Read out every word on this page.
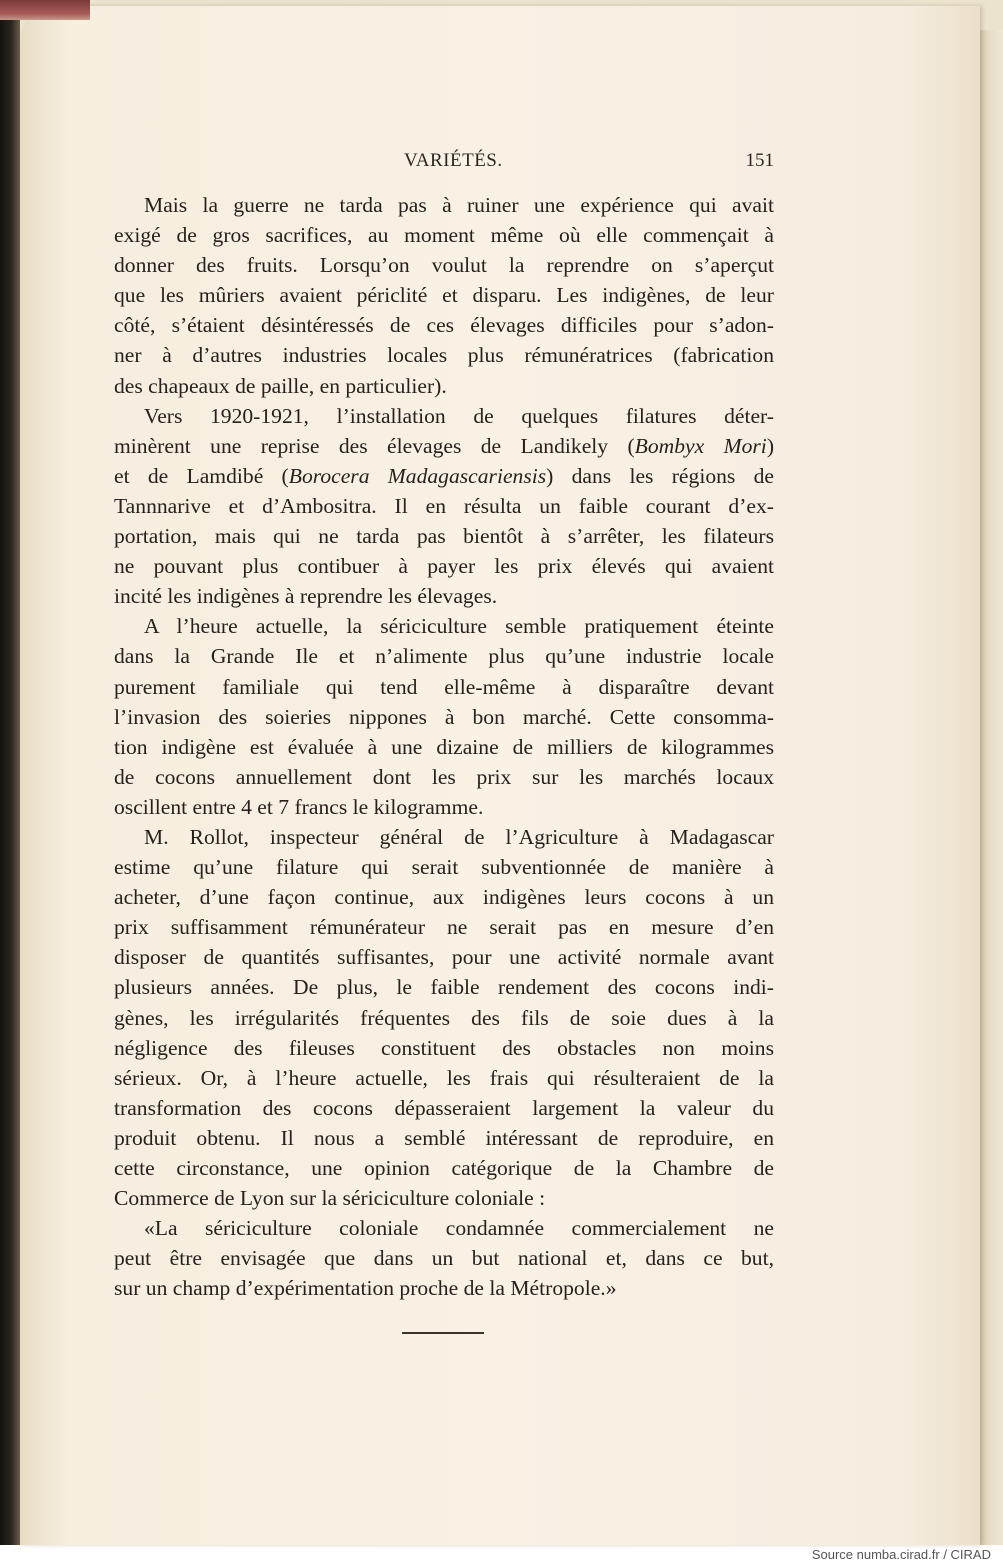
VARIÉTÉS.	151
Mais la guerre ne tarda pas à ruiner une expérience qui avait
exigé de gros sacrifices, au moment même où elle commençait à
donner des fruits. Lorsqu’on voulut la reprendre on s’aperçut
que les mûriers avaient périclité et disparu. Les indigènes, de leur
côté, s’étaient désintéressés de ces élevages difficiles pour s’adon-
ner à d’autres industries locales plus rémunératrices (fabrication
des chapeaux de paille, en particulier).
Vers 1920-1921, l’installation de quelques filatures déter-
minèrent une reprise des élevages de Landikely (Bombyx Mori)
et de Lamdibé (Borocera Madagascariensis) dans les régions de
Tannnarive et d’Ambositra. Il en résulta un faible courant d’ex-
portation, mais qui ne tarda pas bientôt à s’arrêter, les filateurs
ne pouvant plus contibuer à payer les prix élevés qui avaient
incité les indigènes à reprendre les élevages.
A l’heure actuelle, la sériciculture semble pratiquement éteinte
dans la Grande Ile et n’alimente plus qu’une industrie locale
purement familiale qui tend elle-même à disparaître devant
l’invasion des soieries nippones à bon marché. Cette consomma-
tion indigène est évaluée à une dizaine de milliers de kilogrammes
de cocons annuellement dont les prix sur les marchés locaux
oscillent entre 4 et 7 francs le kilogramme.
M. Rollot, inspecteur général de l’Agriculture à Madagascar
estime qu’une filature qui serait subventionnée de manière à
acheter, d’une façon continue, aux indigènes leurs cocons à un
prix suffisamment rémunérateur ne serait pas en mesure d’en
disposer de quantités suffisantes, pour une activité normale avant
plusieurs années. De plus, le faible rendement des cocons indi-
gènes, les irrégularités fréquentes des fils de soie dues à la
négligence des fileuses constituent des obstacles non moins
sérieux. Or, à l’heure actuelle, les frais qui résulteraient de la
transformation des cocons dépasseraient largement la valeur du
produit obtenu. Il nous a semblé intéressant de reproduire, en
cette circonstance, une opinion catégorique de la Chambre de
Commerce de Lyon sur la sériciculture coloniale :
«La sériciculture coloniale condamnée commercialement ne
peut être envisagée que dans un but national et, dans ce but,
sur un champ d’expérimentation proche de la Métropole.»
Source numba.cirad.fr / CIRAD
